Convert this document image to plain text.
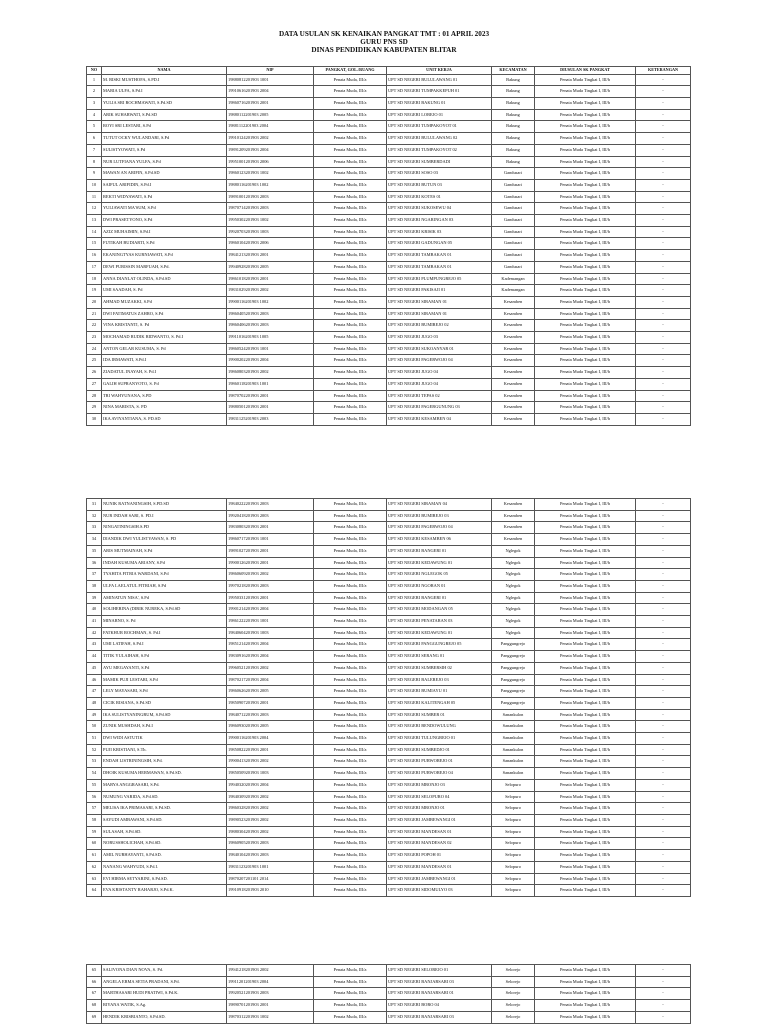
DATA USULAN SK KENAIKAN PANGKAT TMT : 01 APRIL 2023
GURU PNS SD
DINAS PENDIDIKAN KABUPATEN BLITAR
NO	NAMA	NIP	PANGKAT, GOL./RUANG	UNIT KERJA	KECAMATAN	DIUSULAN SK PANGKAT	KETERANGAN
1	M. RISKI MUSTHOFA, S.PD.I	19880812201903 1001	Penata Muda, III/a	UPT SD NEGERI BULULAWANG 01	Bakung	Penata Muda Tingkat I, III/b	-
2	MARIA ULFA, S.Pd.I	19910616201903 2004	Penata Muda, III/a	UPT SD NEGERI TUMPAKKEPUH 01	Bakung	Penata Muda Tingkat I, III/b	-
3	YULIA SRI ROCHMAWATI, S.Pd.SD	19860716201903 2001	Penata Muda, III/a	UPT SD NEGERI BAKUNG 01	Bakung	Penata Muda Tingkat I, III/b	-
4	ARIK SUHARWATI, S.Pd.SD	19880112201903 2005	Penata Muda, III/a	UPT SD NEGERI LOREJO 01	Bakung	Penata Muda Tingkat I, III/b	-
5	ROYI SRI LESTARI, S.Pd	19881112201903 2004	Penata Muda, III/a	UPT SD NEGERI TUMPAKOYOT 01	Bakung	Penata Muda Tingkat I, III/b	-
6	TUTUT OCKY WULANDARI, S.Pd	19910124201903 2002	Penata Muda, III/a	UPT SD NEGERI BULULAWANG 02	Bakung	Penata Muda Tingkat I, III/b	-
7	SULISTYOWATI, S.Pd	19891209201903 2004	Penata Muda, III/a	UPT SD NEGERI TUMPAKOYOT 02	Bakung	Penata Muda Tingkat I, III/b	-
8	NUR LUTFIANA YULFA, S.Pd	19951001201903 2006	Penata Muda, III/a	UPT SD NEGERI SUMBERDADI	Bakung	Penata Muda Tingkat I, III/b	-
9	MAWAN AN ARIFIN, S.Pd.SD	19860123201903 1002	Penata Muda, III/a	UPT SD NEGERI SOSO 03	Gandusari	Penata Muda Tingkat I, III/b	-
10	SAIFUL ARIFIDIN, S.Pd.I	19880116201903 1002	Penata Muda, III/a	UPT SD NEGERI BUTUN 03	Gandusari	Penata Muda Tingkat I, III/b	-
11	REKTI WIDYAWATI, S.Pd	19891001201903 2003	Penata Muda, III/a	UPT SD NEGERI KOTES 01	Gandusari	Penata Muda Tingkat I, III/b	-
12	YULIAWATI MA'SUM, S.Pd	19870714201903 2003	Penata Muda, III/a	UPT SD NEGERI SUKOSEWU 04	Gandusari	Penata Muda Tingkat I, III/b	-
13	DWI PRASETYONO, S.Pd	19950302201903 1002	Penata Muda, III/a	UPT SD NEGERI NGARINGAN 03	Gandusari	Penata Muda Tingkat I, III/b	-
14	AZIZ MUHAIMIN, S.Pd.I	19920703201903 1003	Penata Muda, III/a	UPT SD NEGERI KRISIK 03	Gandusari	Penata Muda Tingkat I, III/b	-
15	FUTIKAH BUDIARTI, S.Pd	19860104201903 2006	Penata Muda, III/a	UPT SD NEGERI GADUNGAN 05	Gandusari	Penata Muda Tingkat I, III/b	-
16	EKANINGTYAS KURNIAWATI, S.Pd	19841213201903 2001	Penata Muda, III/a	UPT SD NEGERI TAMBAKAN 01	Gandusari	Penata Muda Tingkat I, III/b	-
17	DEWI PURISSIN MARFUAH, S.Pd.	19940928201903 2005	Penata Muda, III/a	UPT SD NEGERI TAMBAKAN 01	Gandusari	Penata Muda Tingkat I, III/b	-
18	ANNA DIANLAT OLINDA, S.Pd.SD	19861018201903 2001	Penata Muda, III/a	UPT SD NEGERI PLUMPUNGREJO 05	Kademangan	Penata Muda Tingkat I, III/b	-
19	UMI SAADAH, S. Pd	19831029201903 2002	Penata Muda, III/a	UPT SD NEGERI PAKISAJI 01	Kademangan	Penata Muda Tingkat I, III/b	-
20	AHMAD MUZAKKI, S.Pd	19900116201903 1002	Penata Muda, III/a	UPT SD NEGERI SIRAMAN 01	Kesamben	Penata Muda Tingkat I, III/b	-
21	DWI FATIMATUS ZAHRO, S.Pd	19860405201903 2003	Penata Muda, III/a	UPT SD NEGERI SIRAMAN 01	Kesamben	Penata Muda Tingkat I, III/b	-
22	VINA KRISTANTI, S. Pd	19860406201903 2003	Penata Muda, III/a	UPT SD NEGERI BUMIREJO 02	Kesamben	Penata Muda Tingkat I, III/b	-
23	MOCHAMAD RUDIK RIDWANTO, S. Pd.I	19911016201903 1005	Penata Muda, III/a	UPT SD NEGERI JUGO 03	Kesamben	Penata Muda Tingkat I, III/b	-
24	ANTON GELAR KUSUMA, S. Pd	19860524201903 1001	Penata Muda, III/a	UPT SD NEGERI SUKOANYAR 01	Kesamben	Penata Muda Tingkat I, III/b	-
25	IDA IRMAWATI, S.Pd.I	19900202201903 2004	Penata Muda, III/a	UPT SD NEGERI PAGERWOJO 04	Kesamben	Penata Muda Tingkat I, III/b	-
26	ZIADATUL INAYAH, S. Pd.I	19860803201903 2002	Penata Muda, III/a	UPT SD NEGERI JUGO 04	Kesamben	Penata Muda Tingkat I, III/b	-
27	GALIH SUPRANYOTO, S. Pd	19860118201903 1001	Penata Muda, III/a	UPT SD NEGERI JUGO 04	Kesamben	Penata Muda Tingkat I, III/b	-
28	TRI WAHYUNANA, S.PD	19870702201903 2001	Penata Muda, III/a	UPT SD NEGERI TEPAS 02	Kesamben	Penata Muda Tingkat I, III/b	-
29	NINA MARISTA, S. PD	19880501201903 2001	Penata Muda, III/a	UPT SD NEGERI PAGERGUNUNG 03	Kesamben	Penata Muda Tingkat I, III/b	-
30	IKA AVIYANTIANA, S. PD.SD	19831125201903 2003	Penata Muda, III/a	UPT SD NEGERI KESAMBEN 04	Kesamben	Penata Muda Tingkat I, III/b	-
31	NUNIK RATNANINGSIH, S.PD.SD	19840222201903 2003	Penata Muda, III/a	UPT SD NEGERI SIRAMAN 04	Kesamben	Penata Muda Tingkat I, III/b	-
32	NUR INDAH SARI, S. PD.I	19920418201903 2003	Penata Muda, III/a	UPT SD NEGERI BUMIREJO 03	Kesamben	Penata Muda Tingkat I, III/b	-
33	NINGATININGSIH.S.PD	19830803201903 2001	Penata Muda, III/a	UPT SD NEGERI PAGERWOJO 04	Kesamben	Penata Muda Tingkat I, III/b	-
34	DIANDIK DWI YULISTYAWAN, S. PD	19860717201903 1001	Penata Muda, III/a	UPT SD NEGERI KESAMBEN 06	Kesamben	Penata Muda Tingkat I, III/b	-
35	ARIS MUTMAINAH, S.Pd	19891027201903 2001	Penata Muda, III/a	UPT SD NEGERI BANGERI 01	Nglegok	Penata Muda Tingkat I, III/b	-
36	INDAH KUSUMA ARIANY, S.Pd	19900126201903 2001	Penata Muda, III/a	UPT SD NEGERI KEDAWUNG 01	Nglegok	Penata Muda Tingkat I, III/b	-
37	TYAHITA FITRIA WARDANI, S.Pd	19860609201903 2002	Penata Muda, III/a	UPT SD NEGERI NGLEGOK 05	Nglegok	Penata Muda Tingkat I, III/b	-
38	ULFA LAELATUL FITRIAH, S.Pd	19970218201903 2003	Penata Muda, III/a	UPT SD NEGERI NGORAN 01	Nglegok	Penata Muda Tingkat I, III/b	-
39	AMINATUN NISA', S.Pd	19950331201903 2001	Penata Muda, III/a	UPT SD NEGERI BANGERI 01	Nglegok	Penata Muda Tingkat I, III/b	-
40	SOLIHERINA (DIRIK NUREKA, S.Pd.SD	19901214201903 2004	Penata Muda, III/a	UPT SD NEGERI MODANGAN 05	Nglegok	Penata Muda Tingkat I, III/b	-
41	MINARNO, S. Pd	19861222201903 1001	Penata Muda, III/a	UPT SD NEGERI PENATARAN 03	Nglegok	Penata Muda Tingkat I, III/b	-
42	FATKHUR ROCHMAN, S. Pd.I	19840604201903 1003	Penata Muda, III/a	UPT SD NEGERI KEDAWUNG 01	Nglegok	Penata Muda Tingkat I, III/b	-
43	UMI LATIFAH, S.Pd.I	19851214201903 2004	Penata Muda, III/a	UPT SD NEGERI PANGGUNGREJO 05	Panggungrejo	Penata Muda Tingkat I, III/b	-
44	TITIK YULAIHAH, S.Pd	19830916201903 2004	Penata Muda, III/a	UPT SD NEGERI SERANG 01	Panggungrejo	Penata Muda Tingkat I, III/b	-
45	AYU MEGAYANTI, S.Pd	19960521201903 2002	Penata Muda, III/a	UPT SD NEGERI SUMBERSIH 02	Panggungrejo	Penata Muda Tingkat I, III/b	-
46	MAMIK PUJI LESTARI, S.Pd	19870217201903 2004	Penata Muda, III/a	UPT SD NEGERI BALEREJO 03	Panggungrejo	Penata Muda Tingkat I, III/b	-
47	LELY MAYASARI, S.Pd	19860626201903 2005	Penata Muda, III/a	UPT SD NEGERI BUMIAYU 01	Panggungrejo	Penata Muda Tingkat I, III/b	-
48	CICIK RISIANA, S.Pd.SD	19850907201903 2001	Penata Muda, III/a	UPT SD NEGERI KALITENGAH 05	Panggungrejo	Penata Muda Tingkat I, III/b	-
49	IKA SULISTYANINGRUM, S.Pd.SD	19840712201903 2003	Penata Muda, III/a	UPT SD NEGERI SUMBER 01	Sanankulon	Penata Muda Tingkat I, III/b	-
50	ZUNIK MUSHDAH, S.Pd.I	19860930201903 2005	Penata Muda, III/a	UPT SD NEGERI BENDOWULUNG	Sanankulon	Penata Muda Tingkat I, III/b	-
51	DWI WIDI ASTUTIK	19900116201903 2004	Penata Muda, III/a	UPT SD NEGERI TULUNGREJO 01	Sanankulon	Penata Muda Tingkat I, III/b	-
52	PUJI KRISTIANI, S.Th.	19850822201903 2001	Penata Muda, III/a	UPT SD NEGERI SUMBEDJO 01	Sanankulon	Penata Muda Tingkat I, III/b	-
53	ENDAH LISTRININGSIH, S.Pd.	19900413201903 2002	Penata Muda, III/a	UPT SD NEGERI PURWOREJO 01	Sanankulon	Penata Muda Tingkat I, III/b	-
54	DHOIK KUSUMA HERMAWAN, S.Pd.SD.	19850509201903 1003	Penata Muda, III/a	UPT SD NEGERI PURWOREJO 04	Sanankulon	Penata Muda Tingkat I, III/b	-
55	MARYA ANGGRASARI, S.Pd.	19940320201903 2004	Penata Muda, III/a	UPT SD NEGERI MRONJO 03	Selopuro	Penata Muda Tingkat I, III/b	-
56	NUMUNG VARIDA, S.Pd.SD.	19840309201903 2002	Penata Muda, III/a	UPT SD NEGERI SELOPURO 04	Selopuro	Penata Muda Tingkat I, III/b	-
57	MELISA IKA PRIMASARI, S.Pd.SD.	19860328201903 2002	Penata Muda, III/a	UPT SD NEGERI MRONJO 01	Selopuro	Penata Muda Tingkat I, III/b	-
58	SAYUDI AMBAWANI, S.Pd.SD.	19890523201903 2002	Penata Muda, III/a	UPT SD NEGERI JAMBEWANGI 01	Selopuro	Penata Muda Tingkat I, III/b	-
59	SULASAH, S.Pd.SD.	19880304201903 2002	Penata Muda, III/a	UPT SD NEGERI MANDESAN 01	Selopuro	Penata Muda Tingkat I, III/b	-
60	NORUSSHOLICHAH, S.Pd.SD.	19860905201903 2003	Penata Muda, III/a	UPT SD NEGERI MANDESAN 02	Selopuro	Penata Muda Tingkat I, III/b	-
61	AMIL NURHAYANTI, S.Pd.SD.	19840104201903 2003	Penata Muda, III/a	UPT SD NEGERI POPOH 01	Selopuro	Penata Muda Tingkat I, III/b	-
62	NANANG WAHYUDI, S.Pd.I.	19831123201903 1001	Penata Muda, III/a	UPT SD NEGERI MANDESAN 01	Selopuro	Penata Muda Tingkat I, III/b	-
63	EVI HIRMA SETYARINI, S.Pd.SD.	19870207201101 2014	Penata Muda, III/a	UPT SD NEGERI JAMBEWANGI 01	Selopuro	Penata Muda Tingkat I, III/b	-
64	EVA KRISTANTY RAHARJO, S.Pd.K.	19910918201903 2010	Penata Muda, III/a	UPT SD NEGERI SIDOMULYO 03	Selopuro	Penata Muda Tingkat I, III/b	-
65	SALIVONA DIAN NOVA, S. Pd.	19941218201903 2002	Penata Muda, III/a	UPT SD NEGERI SELOREJO 01	Selorejo	Penata Muda Tingkat I, III/b	-
66	ANGELA ERMA SETIA PRADANI, S.Pd.	19911201201903 2004	Penata Muda, III/a	UPT SD NEGERI BANJARSARI 03	Selorejo	Penata Muda Tingkat I, III/b	-
67	MARTHASARI HUDI PRATIWI, S.Pd.K.	19920521201903 2003	Penata Muda, III/a	UPT SD NEGERI BANJARSARI 01	Selorejo	Penata Muda Tingkat I, III/b	-
68	RIYANA WATIK, S.Ag.	19890701201903 2001	Penata Muda, III/a	UPT SD NEGERI BORO 04	Selorejo	Penata Muda Tingkat I, III/b	-
69	HENDIK KRISBIANTO, S.Pd.SD.	19870312201903 1002	Penata Muda, III/a	UPT SD NEGERI BANJARSARI 03	Selorejo	Penata Muda Tingkat I, III/b	-
